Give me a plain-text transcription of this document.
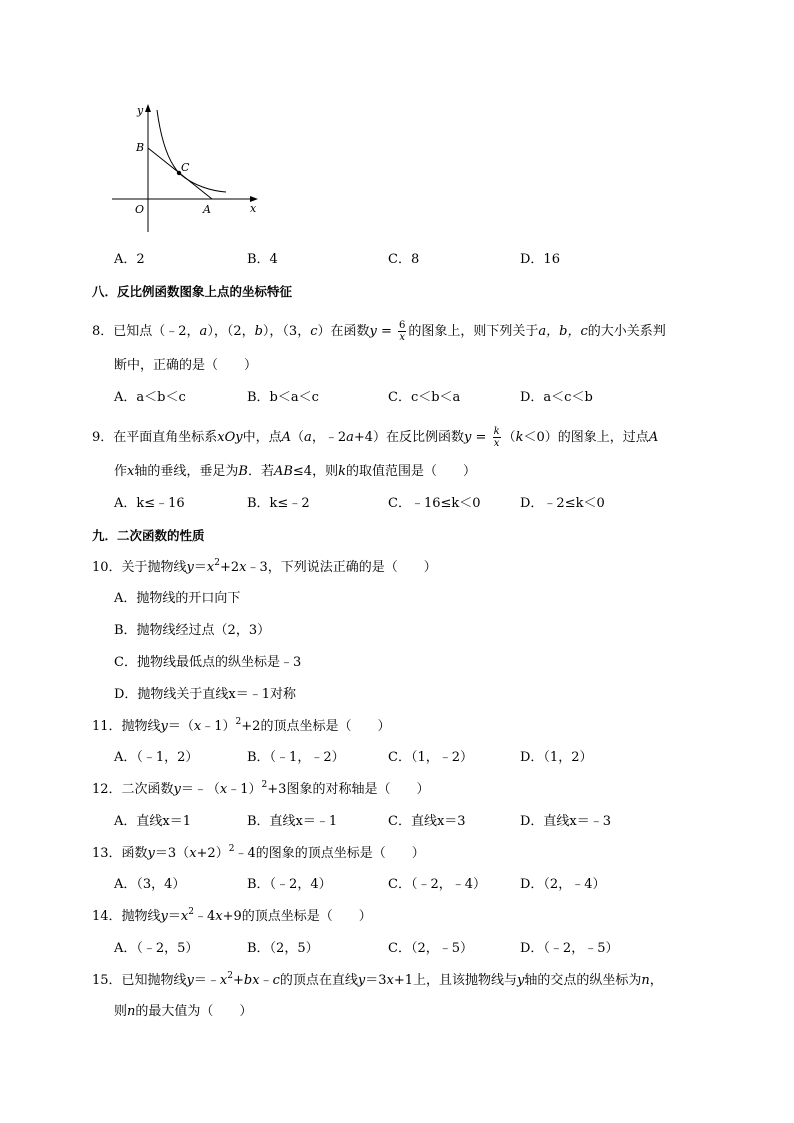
y
x
O
B
C
A
A．2	B．4	C．8	D．16
八．反比例函数图象上点的坐标特征
8．已知点（﹣2，a），（2，b），（3，c）在函数$y = \frac{6}{x}$ 的图象上，则下列关于a，b，c的大小关系判
断中，正确的是（　　）
A．a＜b＜c	B．b＜a＜c	C．c＜b＜a	D．a＜c＜b
9．在平面直角坐标系xOy中，点A（a，﹣2a+4）在反比例函数$y = \frac{k}{x} (k<0)$的图象上，过点A
作x轴的垂线，垂足为B．若AB≤4，则k的取值范围是（　　）
A．k≤﹣16	B．k≤﹣2	C．﹣16≤k＜0	D．﹣2≤k＜0
九．二次函数的性质
10．关于抛物线$y=x^2+2x﹣3$，下列说法正确的是（　　）
A．抛物线的开口向下
B．抛物线经过点（2，3）
C．抛物线最低点的纵坐标是﹣3
D．抛物线关于直线x＝﹣1对称
11．抛物线y＝（x﹣1）$^2$+2的顶点坐标是（　　）
A．（﹣1，2）	B．（﹣1，﹣2）	C．（1，﹣2）	D．（1，2）
12．二次函数y＝﹣（x﹣1）$^2$+3图象的对称轴是（　　）
A．直线x＝1	B．直线x＝﹣1	C．直线x＝3	D．直线x＝﹣3
13．函数$y=3(x+2)^2﹣4$的图象的顶点坐标是（　　）
A．（3，4）	B．（﹣2，4）	C．（﹣2，﹣4）	D．（2，﹣4）
14．抛物线$y=x^2﹣4x+9$的顶点坐标是（　　）
A．（﹣2，5）	B．（2，5）	C．（2，﹣5）	D．（﹣2，﹣5）
15．已知抛物线$y=﹣x^2+bx﹣c$的顶点在直线y＝3x+1上，且该抛物线与y轴的交点的纵坐标为n，
则n的最大值为（　　）
